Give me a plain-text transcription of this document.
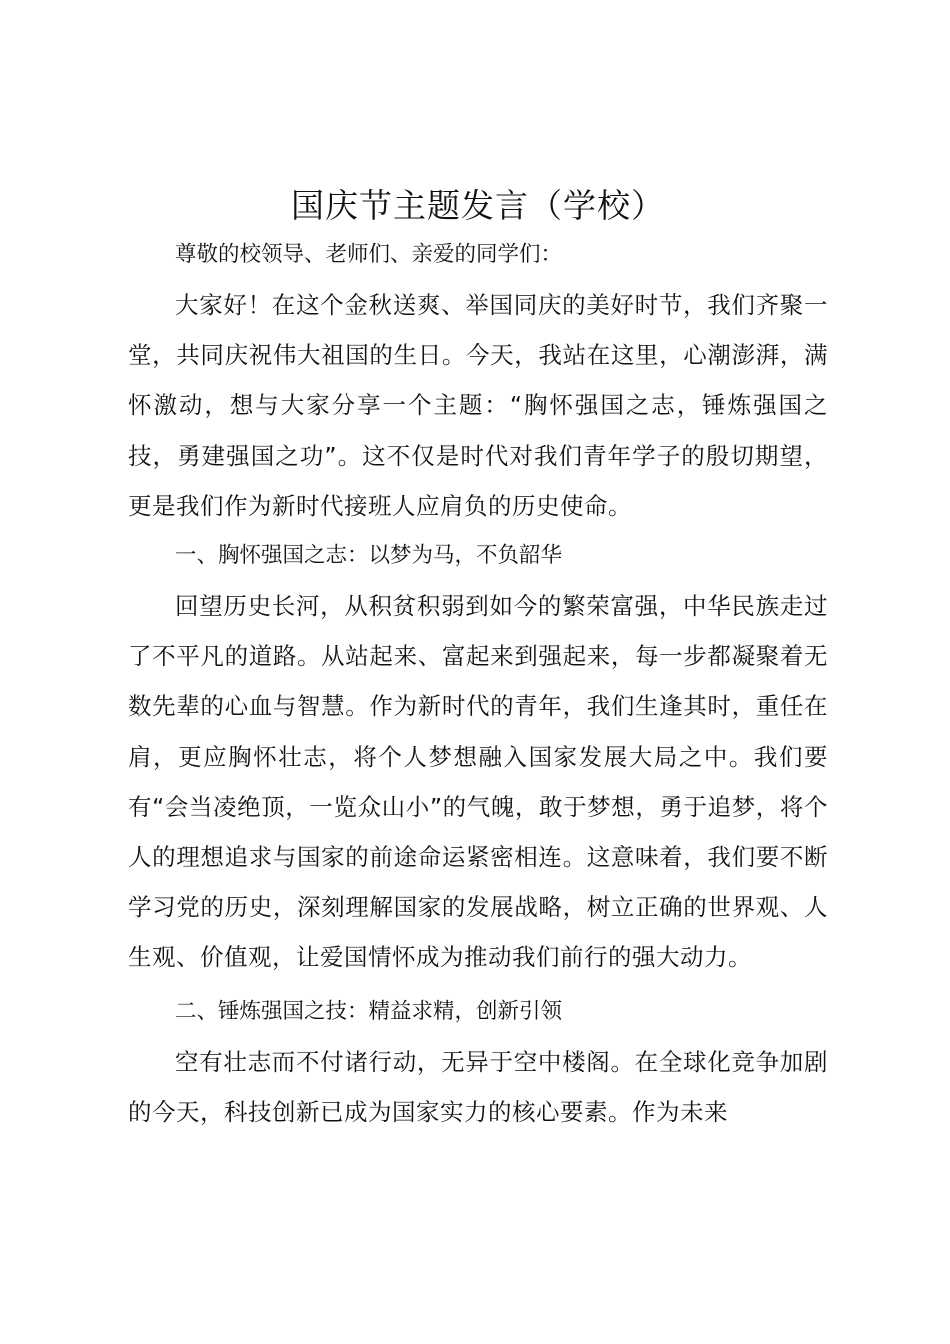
国庆节主题发言（学校）

尊敬的校领导、老师们、亲爱的同学们：

大家好！在这个金秋送爽、举国同庆的美好时节，我们齐聚一堂，共同庆祝伟大祖国的生日。今天，我站在这里，心潮澎湃，满怀激动，想与大家分享一个主题：“胸怀强国之志，锤炼强国之技，勇建强国之功”。这不仅是时代对我们青年学子的殷切期望，更是我们作为新时代接班人应肩负的历史使命。

一、胸怀强国之志：以梦为马，不负韶华

回望历史长河，从积贫积弱到如今的繁荣富强，中华民族走过了不平凡的道路。从站起来、富起来到强起来，每一步都凝聚着无数先辈的心血与智慧。作为新时代的青年，我们生逢其时，重任在肩，更应胸怀壮志，将个人梦想融入国家发展大局之中。我们要有“会当凌绝顶，一览众山小”的气魄，敢于梦想，勇于追梦，将个人的理想追求与国家的前途命运紧密相连。这意味着，我们要不断学习党的历史，深刻理解国家的发展战略，树立正确的世界观、人生观、价值观，让爱国情怀成为推动我们前行的强大动力。

二、锤炼强国之技：精益求精，创新引领

空有壮志而不付诸行动，无异于空中楼阁。在全球化竞争加剧的今天，科技创新已成为国家实力的核心要素。作为未来
